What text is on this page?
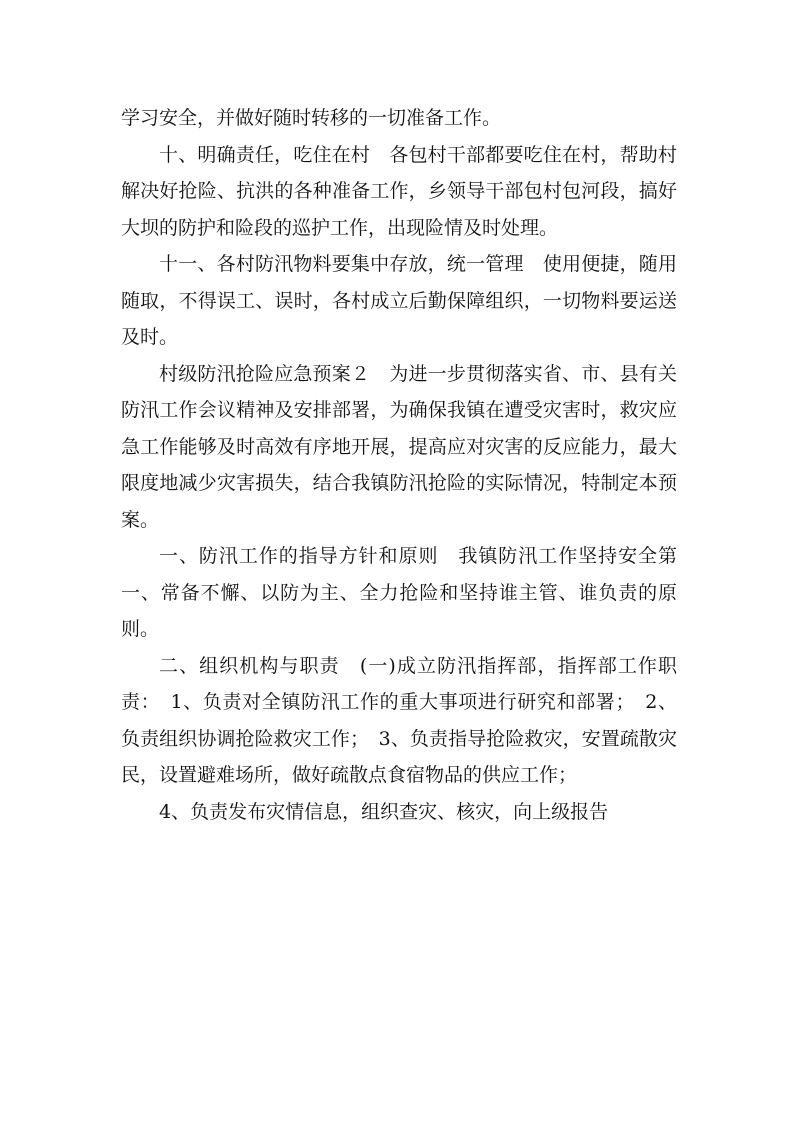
学习安全，并做好随时转移的一切准备工作。

十、明确责任，吃住在村　各包村干部都要吃住在村，帮助村解决好抢险、抗洪的各种准备工作，乡领导干部包村包河段，搞好大坝的防护和险段的巡护工作，出现险情及时处理。

十一、各村防汛物料要集中存放，统一管理　使用便捷，随用随取，不得误工、误时，各村成立后勤保障组织，一切物料要运送及时。

村级防汛抢险应急预案２　为进一步贯彻落实省、市、县有关防汛工作会议精神及安排部署，为确保我镇在遭受灾害时，救灾应急工作能够及时高效有序地开展，提高应对灾害的反应能力，最大限度地减少灾害损失，结合我镇防汛抢险的实际情况，特制定本预案。

一、防汛工作的指导方针和原则　我镇防汛工作坚持安全第一、常备不懈、以防为主、全力抢险和坚持谁主管、谁负责的原则。

二、组织机构与职责　(一)成立防汛指挥部，指挥部工作职责：　1、负责对全镇防汛工作的重大事项进行研究和部署；　2、负责组织协调抢险救灾工作；　3、负责指导抢险救灾，安置疏散灾民，设置避难场所，做好疏散点食宿物品的供应工作；

4、负责发布灾情信息，组织查灾、核灾，向上级报告
